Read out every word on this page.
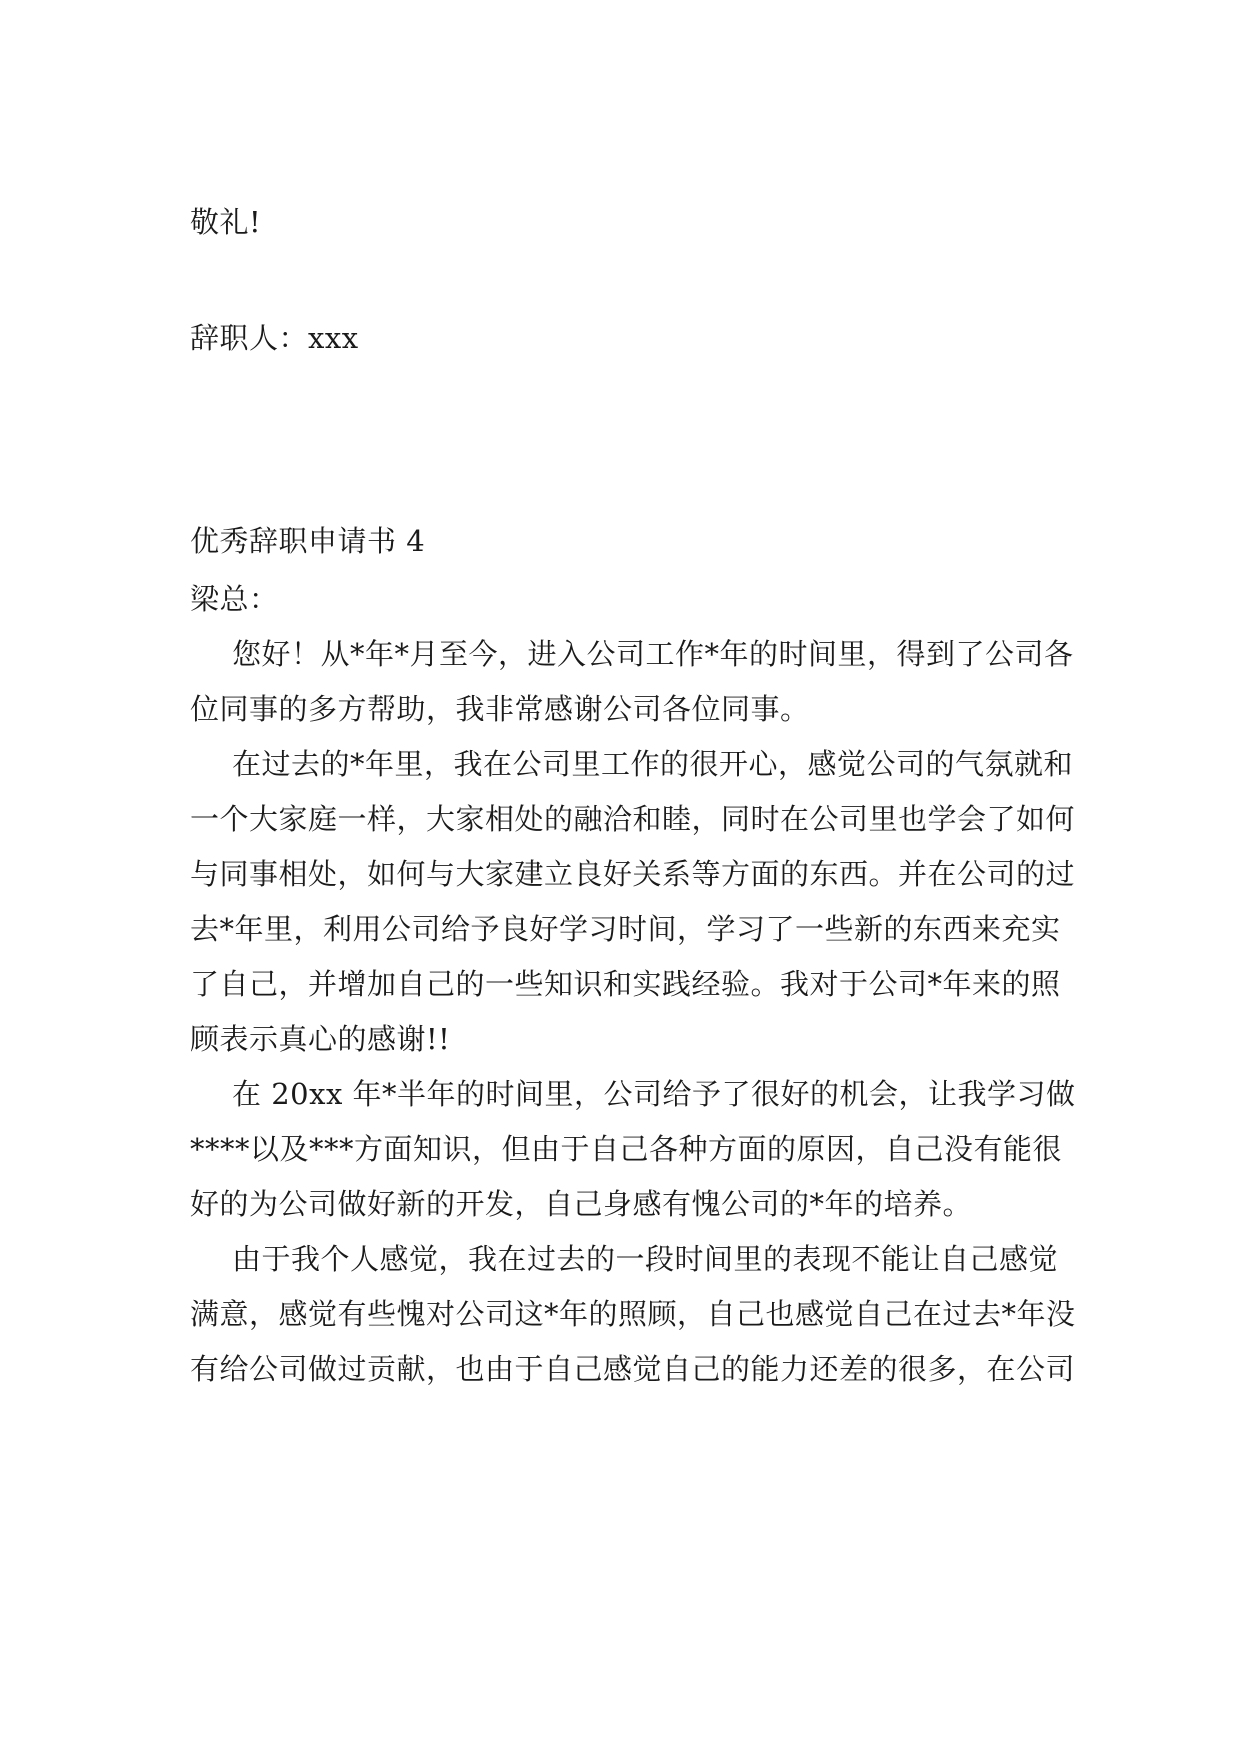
敬礼!
辞职人：xxx
优秀辞职申请书 4
梁总：
您好！从*年*月至今，进入公司工作*年的时间里，得到了公司各
位同事的多方帮助，我非常感谢公司各位同事。
在过去的*年里，我在公司里工作的很开心，感觉公司的气氛就和
一个大家庭一样，大家相处的融洽和睦，同时在公司里也学会了如何
与同事相处，如何与大家建立良好关系等方面的东西。并在公司的过
去*年里，利用公司给予良好学习时间，学习了一些新的东西来充实
了自己，并增加自己的一些知识和实践经验。我对于公司*年来的照
顾表示真心的感谢!!
在 20xx 年*半年的时间里，公司给予了很好的机会，让我学习做
****以及***方面知识，但由于自己各种方面的原因，自己没有能很
好的为公司做好新的开发，自己身感有愧公司的*年的培养。
由于我个人感觉，我在过去的一段时间里的表现不能让自己感觉
满意，感觉有些愧对公司这*年的照顾，自己也感觉自己在过去*年没
有给公司做过贡献，也由于自己感觉自己的能力还差的很多，在公司
